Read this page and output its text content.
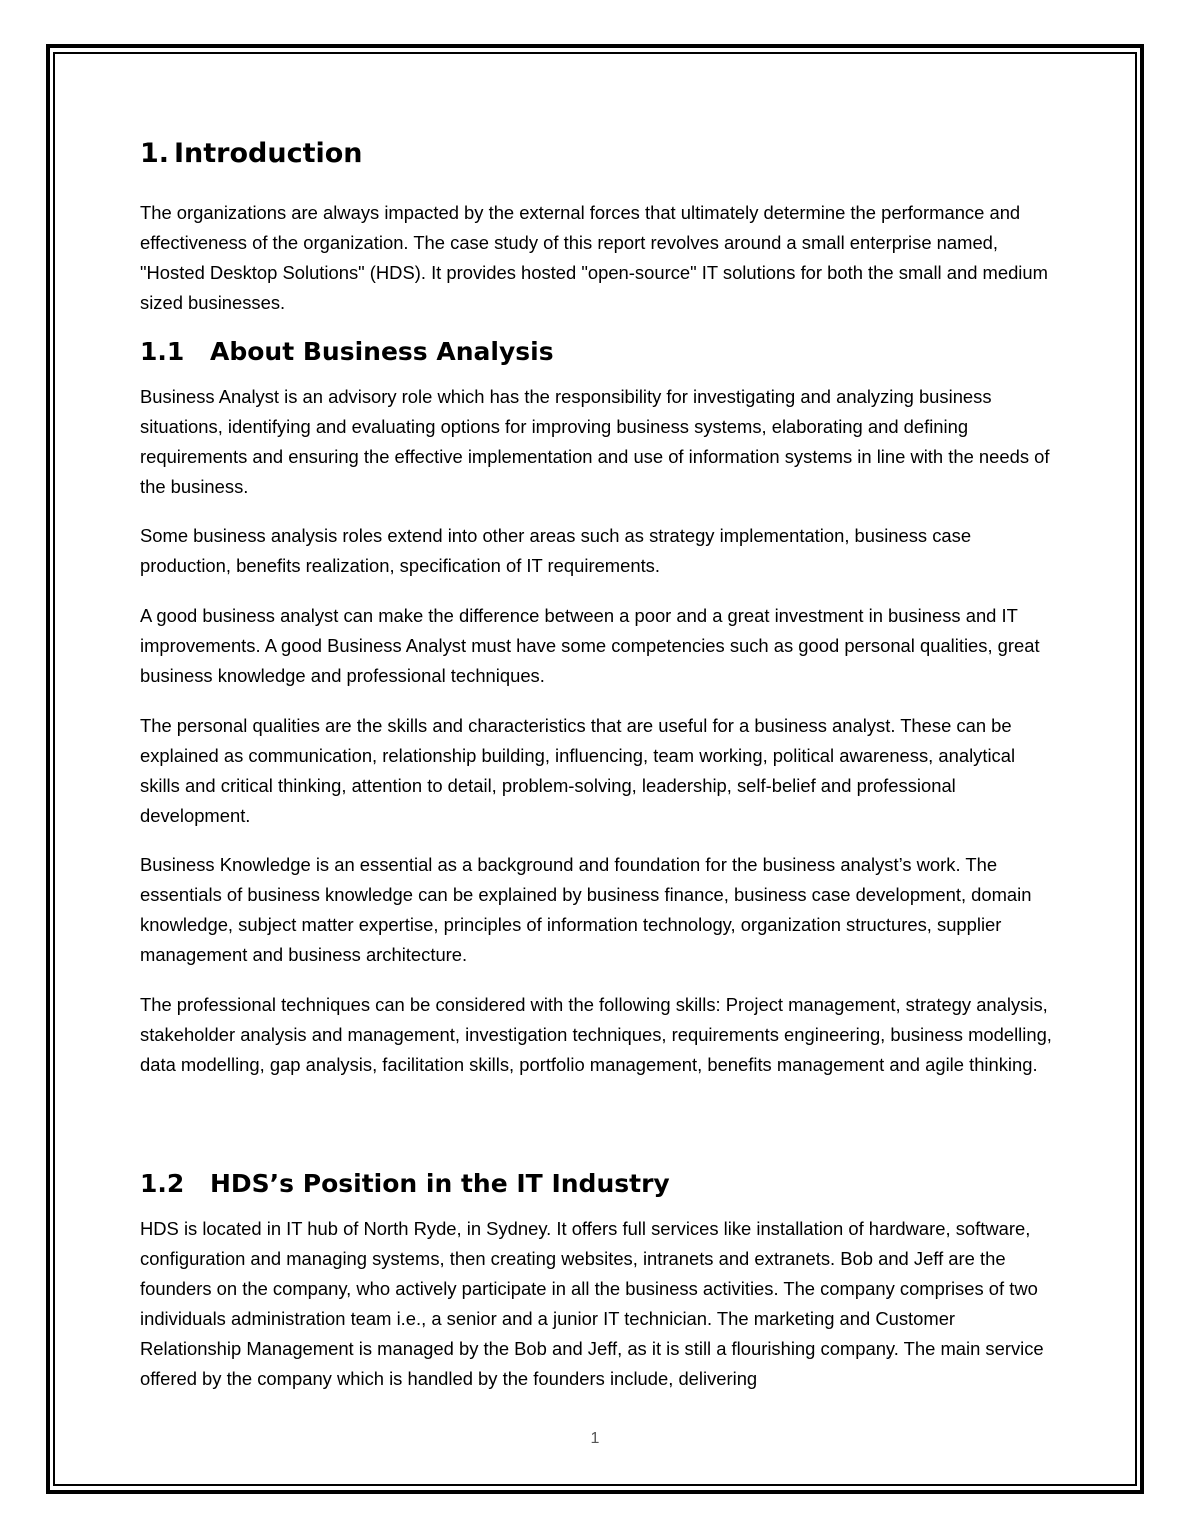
1. Introduction

The organizations are always impacted by the external forces that ultimately determine the performance and effectiveness of the organization. The case study of this report revolves around a small enterprise named, "Hosted Desktop Solutions" (HDS). It provides hosted "open-source" IT solutions for both the small and medium sized businesses.

1.1 About Business Analysis

Business Analyst is an advisory role which has the responsibility for investigating and analyzing business situations, identifying and evaluating options for improving business systems, elaborating and defining requirements and ensuring the effective implementation and use of information systems in line with the needs of the business.

Some business analysis roles extend into other areas such as strategy implementation, business case production, benefits realization, specification of IT requirements.

A good business analyst can make the difference between a poor and a great investment in business and IT improvements. A good Business Analyst must have some competencies such as good personal qualities, great business knowledge and professional techniques.

The personal qualities are the skills and characteristics that are useful for a business analyst. These can be explained as communication, relationship building, influencing, team working, political awareness, analytical skills and critical thinking, attention to detail, problem-solving, leadership, self-belief and professional development.

Business Knowledge is an essential as a background and foundation for the business analyst’s work. The essentials of business knowledge can be explained by business finance, business case development, domain knowledge, subject matter expertise, principles of information technology, organization structures, supplier management and business architecture.

The professional techniques can be considered with the following skills: Project management, strategy analysis, stakeholder analysis and management, investigation techniques, requirements engineering, business modelling, data modelling, gap analysis, facilitation skills, portfolio management, benefits management and agile thinking.

1.2 HDS’s Position in the IT Industry

HDS is located in IT hub of North Ryde, in Sydney. It offers full services like installation of hardware, software, configuration and managing systems, then creating websites, intranets and extranets. Bob and Jeff are the founders on the company, who actively participate in all the business activities. The company comprises of two individuals administration team i.e., a senior and a junior IT technician. The marketing and Customer Relationship Management is managed by the Bob and Jeff, as it is still a flourishing company. The main service offered by the company which is handled by the founders include, delivering

1
